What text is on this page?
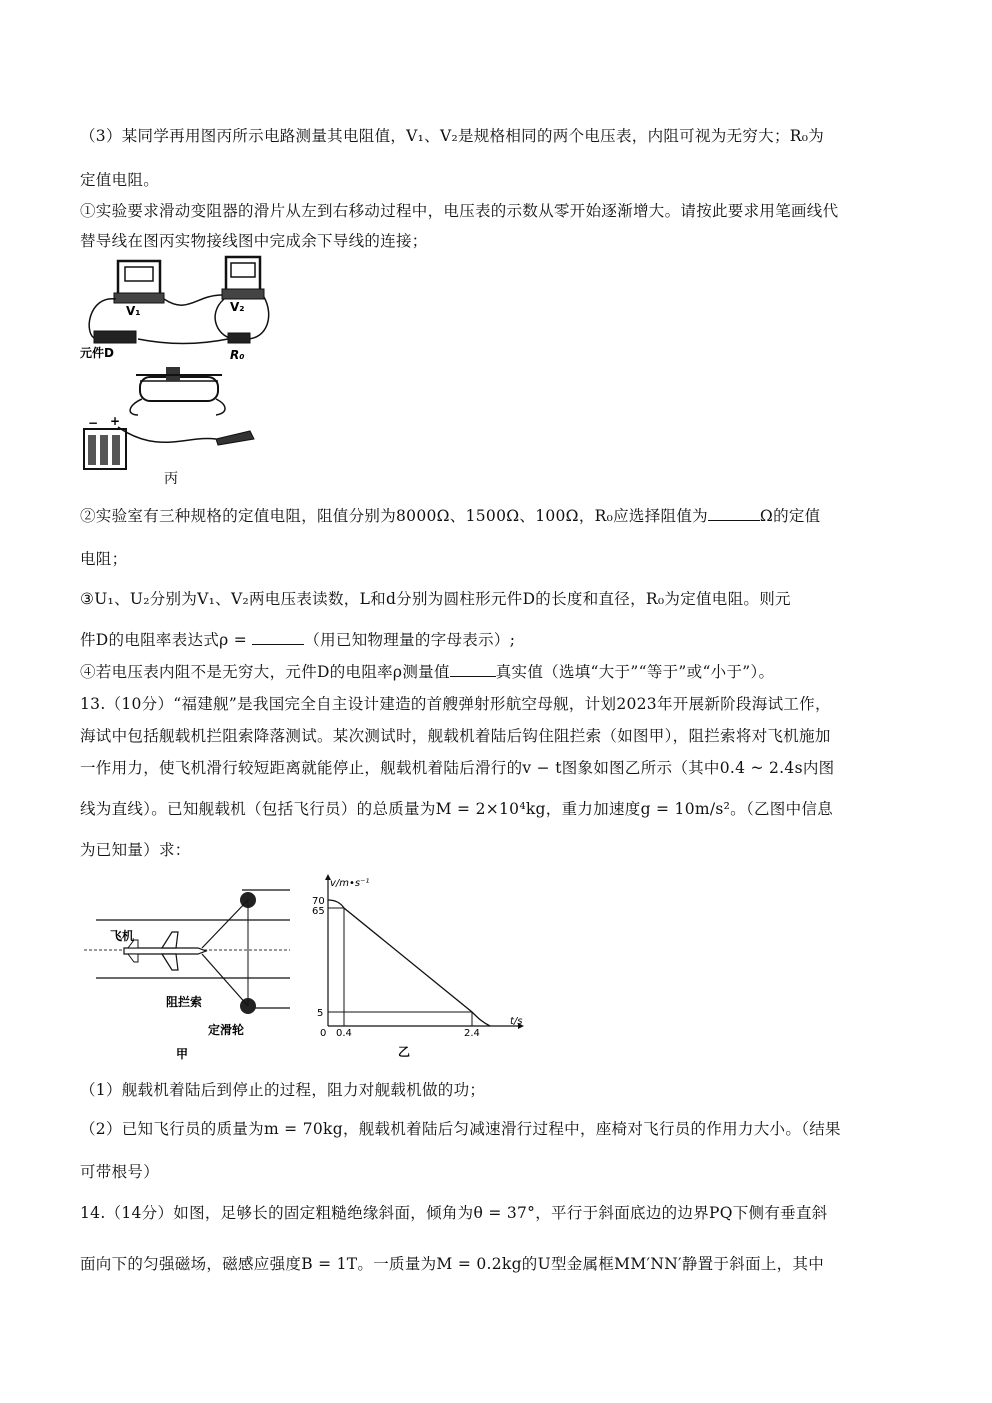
（3）某同学再用图丙所示电路测量其电阻值，V₁、V₂是规格相同的两个电压表，内阻可视为无穷大；R₀为
定值电阻。
①实验要求滑动变阻器的滑片从左到右移动过程中，电压表的示数从零开始逐渐增大。请按此要求用笔画线代
替导线在图丙实物接线图中完成余下导线的连接；
V₁	V₂
元件D	R₀
− +
丙
②实验室有三种规格的定值电阻，阻值分别为8000Ω、1500Ω、100Ω，R₀应选择阻值为	Ω的定值
电阻；
③U₁、U₂分别为V₁、V₂两电压表读数，L和d分别为圆柱形元件D的长度和直径，R₀为定值电阻。则元
件D的电阻率表达式ρ =	（用已知物理量的字母表示）;
④若电压表内阻不是无穷大，元件D的电阻率ρ测量值	真实值（选填“大于”“等于”或“小于”）。
13.（10分）“福建舰”是我国完全自主设计建造的首艘弹射形航空母舰，计划2023年开展新阶段海试工作，
海试中包括舰载机拦阻索降落测试。某次测试时，舰载机着陆后钩住阻拦索（如图甲），阻拦索将对飞机施加
一作用力，使飞机滑行较短距离就能停止，舰载机着陆后滑行的v − t图象如图乙所示（其中0.4 ~ 2.4s内图
线为直线）。已知舰载机（包括飞行员）的总质量为M = 2×10⁴kg，重力加速度g = 10m/s²。（乙图中信息
为已知量）求：
飞机
阻拦索
定滑轮
甲
v/m•s⁻¹
t/s
70
65
5
0 0.4	2.4
乙
（1）舰载机着陆后到停止的过程，阻力对舰载机做的功；
（2）已知飞行员的质量为m = 70kg，舰载机着陆后匀减速滑行过程中，座椅对飞行员的作用力大小。（结果
可带根号）
14.（14分）如图，足够长的固定粗糙绝缘斜面，倾角为θ = 37°，平行于斜面底边的边界PQ下侧有垂直斜
面向下的匀强磁场，磁感应强度B = 1T。一质量为M = 0.2kg的U型金属框MM′NN′静置于斜面上，其中
